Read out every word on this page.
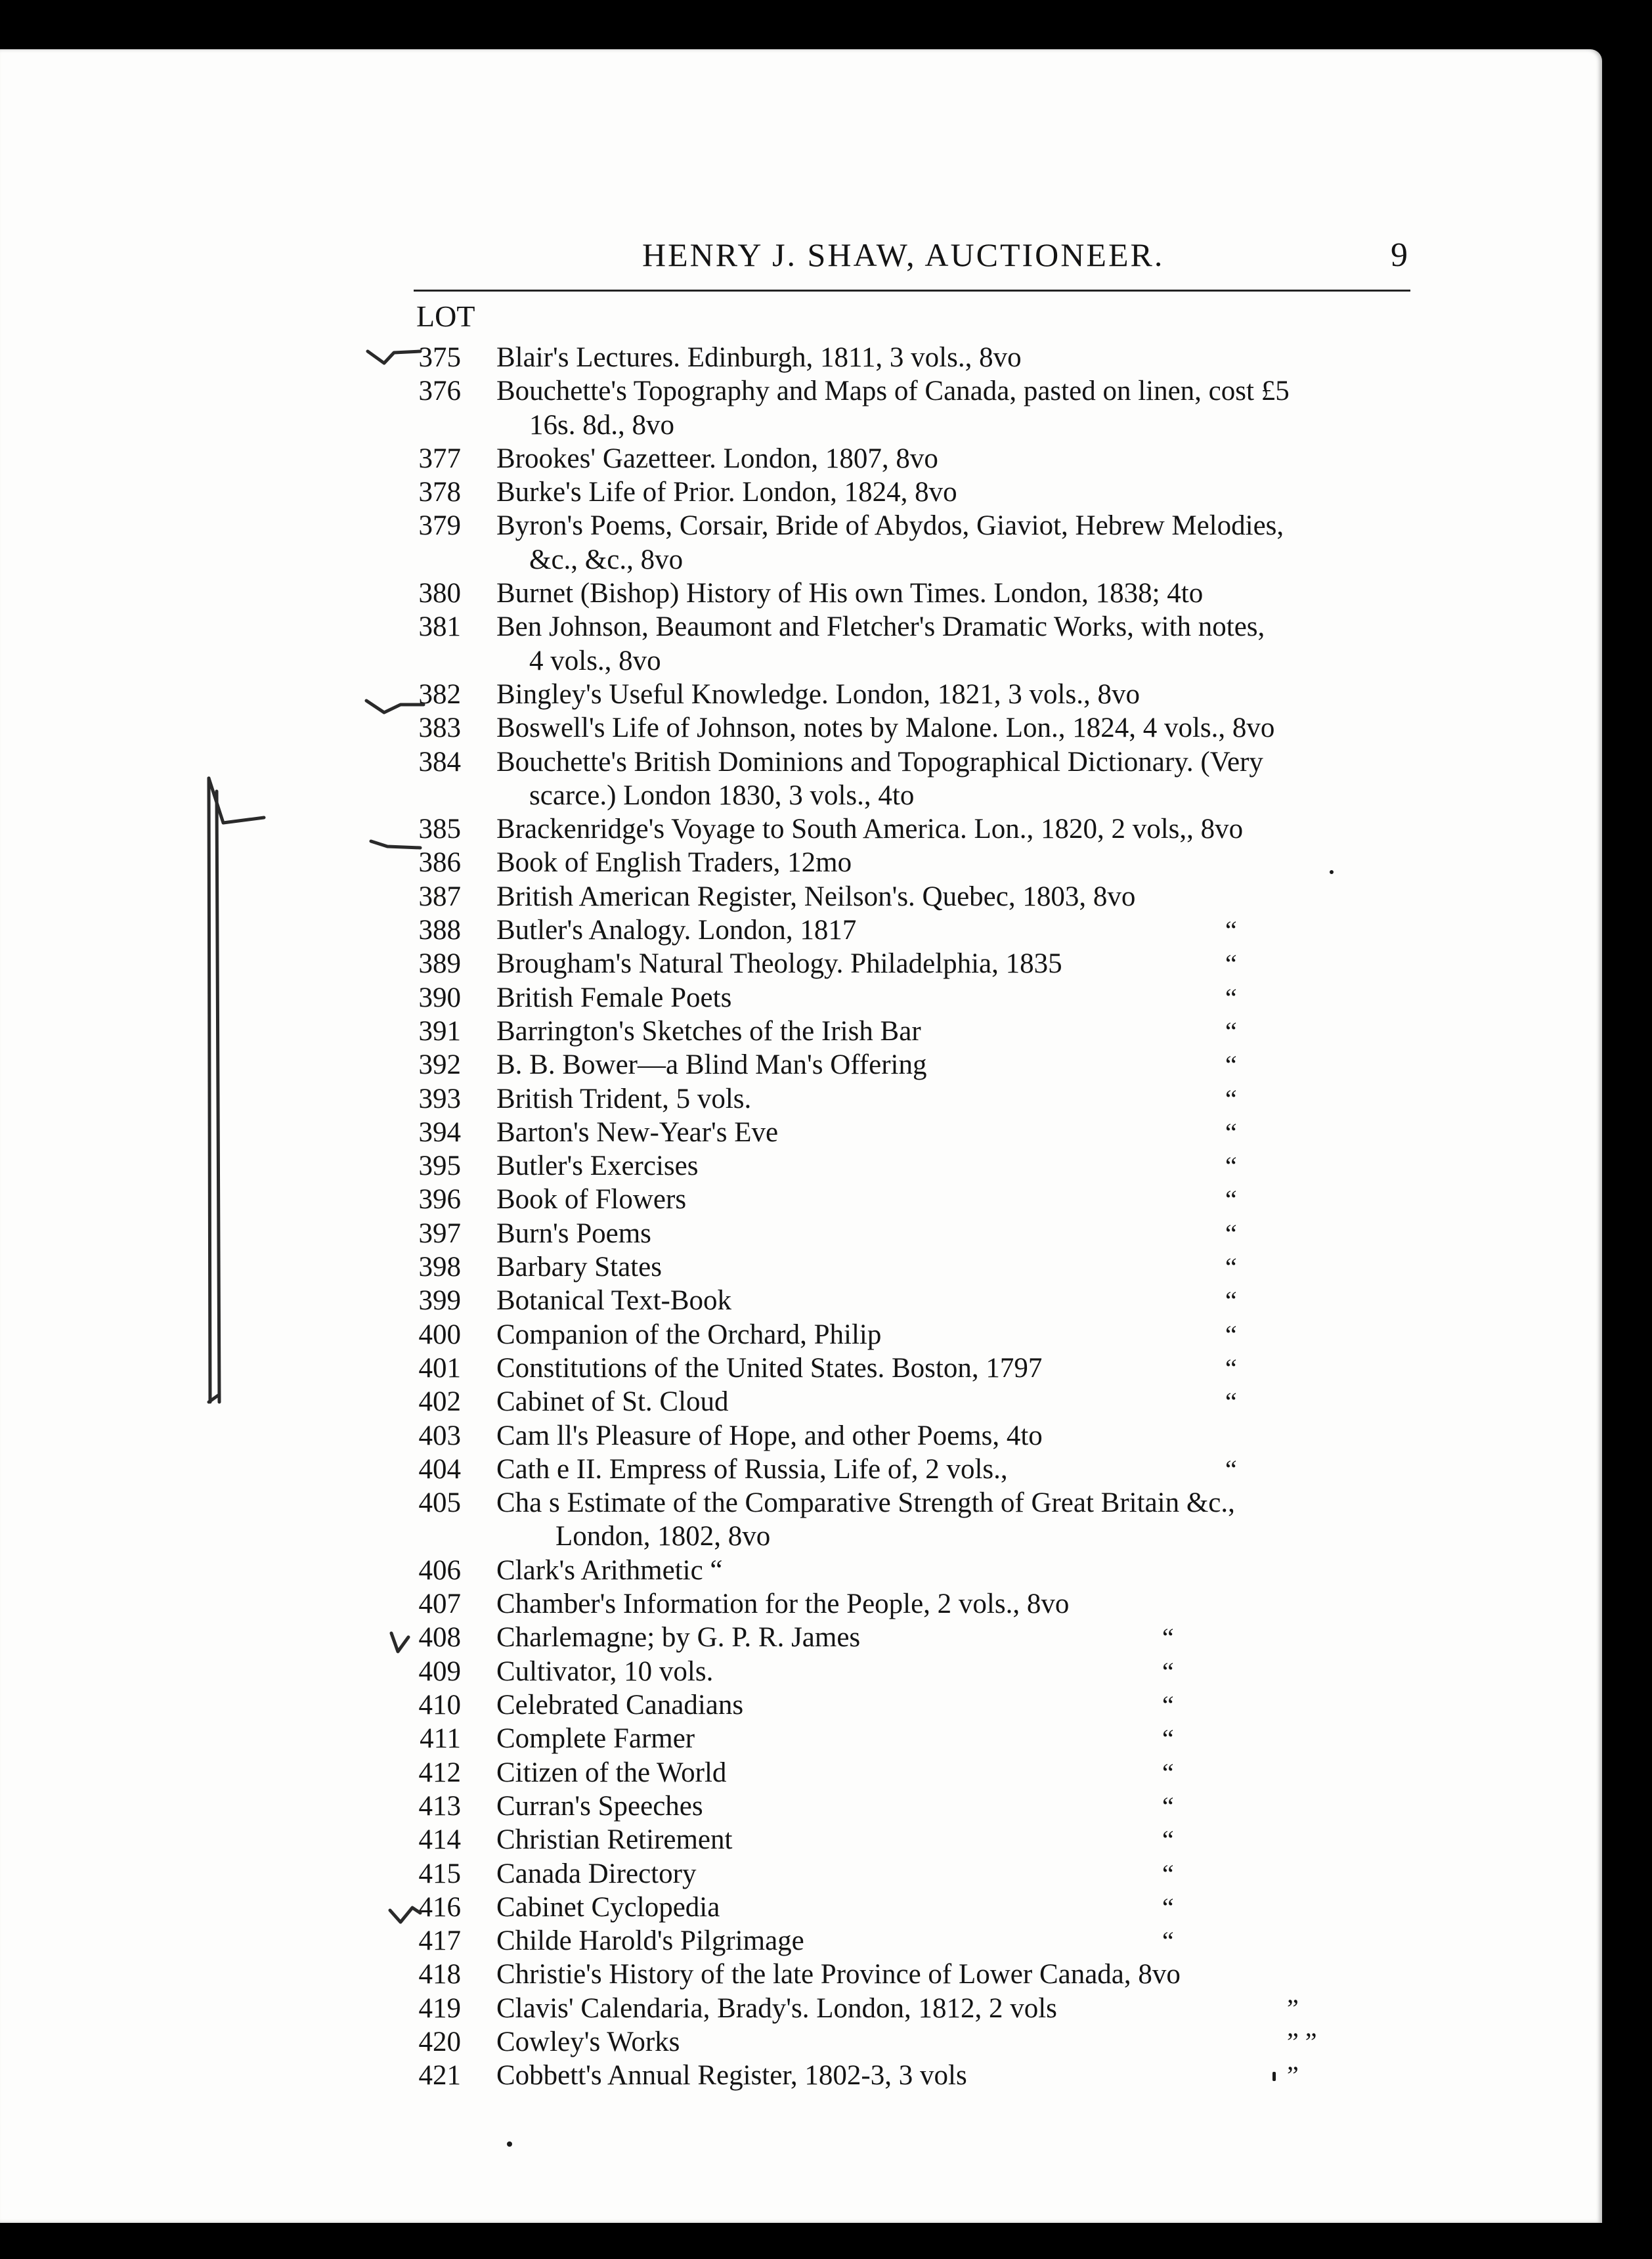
HENRY J. SHAW, AUCTIONEER.	9
LOT
375 Blair's Lectures. Edinburgh, 1811, 3 vols., 8vo
376 Bouchette's Topography and Maps of Canada, pasted on linen, cost £5
16s. 8d., 8vo
377 Brookes' Gazetteer. London, 1807, 8vo
378 Burke's Life of Prior. London, 1824, 8vo
379 Byron's Poems, Corsair, Bride of Abydos, Giaviot, Hebrew Melodies,
&c., &c., 8vo
380 Burnet (Bishop) History of His own Times. London, 1838; 4to
381 Ben Johnson, Beaumont and Fletcher's Dramatic Works, with notes,
4 vols., 8vo
382 Bingley's Useful Knowledge. London, 1821, 3 vols., 8vo
383 Boswell's Life of Johnson, notes by Malone. Lon., 1824, 4 vols., 8vo
384 Bouchette's British Dominions and Topographical Dictionary. (Very
scarce.) London 1830, 3 vols., 4to
385 Brackenridge's Voyage to South America. Lon., 1820, 2 vols,, 8vo
386 Book of English Traders, 12mo
387 British American Register, Neilson's. Quebec, 1803, 8vo
388 Butler's Analogy. London, 1817	“
389 Brougham's Natural Theology. Philadelphia, 1835	“
390 British Female Poets	“
391 Barrington's Sketches of the Irish Bar	“
392 B. B. Bower—a Blind Man's Offering	“
393 British Trident, 5 vols.	“
394 Barton's New-Year's Eve	“
395 Butler's Exercises	“
396 Book of Flowers	“
397 Burn's Poems	“
398 Barbary States	“
399 Botanical Text-Book	“
400 Companion of the Orchard, Philip	“
401 Constitutions of the United States. Boston, 1797	“
402 Cabinet of St. Cloud	“
403 Cam ll's Pleasure of Hope, and other Poems, 4to
404 Cath e II. Empress of Russia, Life of, 2 vols.,	“
405 Cha s Estimate of the Comparative Strength of Great Britain &c.,
London, 1802, 8vo
406 Clark's Arithmetic “
407 Chamber's Information for the People, 2 vols., 8vo
408 Charlemagne; by G. P. R. James	“
409 Cultivator, 10 vols.	“
410 Celebrated Canadians	“
411 Complete Farmer	“
412 Citizen of the World	“
413 Curran's Speeches	“
414 Christian Retirement	“
415 Canada Directory	“
416 Cabinet Cyclopedia	“
417 Childe Harold's Pilgrimage	“
418 Christie's History of the late Province of Lower Canada, 8vo
419 Clavis' Calendaria, Brady's. London, 1812, 2 vols	”
420 Cowley's Works	” ”
421 Cobbett's Annual Register, 1802-3, 3 vols	”
